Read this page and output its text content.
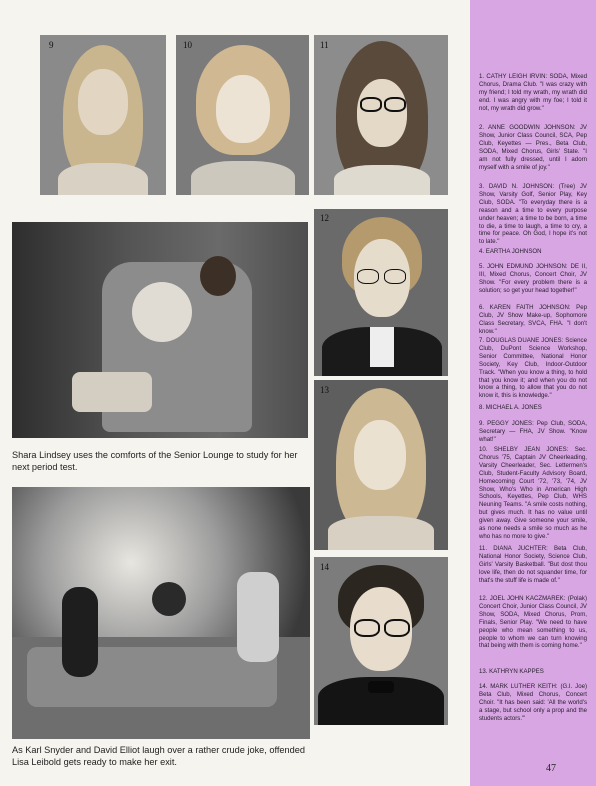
9	10	11

Shara Lindsey uses the comforts of the Senior Lounge to study for her next period test.

As Karl Snyder and David Elliot laugh over a rather crude joke, offended Lisa Leibold gets ready to make her exit.

12
13
14

1. CATHY LEIGH IRVIN: SODA, Mixed Chorus, Drama Club. "I was crazy with my friend; I told my wrath, my wrath did end. I was angry with my foe; I told it not, my wrath did grow."

2. ANNE GOODWIN JOHNSON: JV Show, Junior Class Council, SCA, Pep Club, Keyettes — Pres., Beta Club, SODA, Mixed Chorus, Girls' State. "I am not fully dressed, until I adorn myself with a smile of joy."

3. DAVID N. JOHNSON: (Tree) JV Show, Varsity Golf, Senior Play, Key Club, SODA. "To everyday there is a reason and a time to every purpose under heaven; a time to be born, a time to die, a time to laugh, a time to cry, a time for peace. Oh God, I hope it's not to late."

4. EARTHA JOHNSON

5. JOHN EDMUND JOHNSON: DE II, III, Mixed Chorus, Concert Choir, JV Show. "For every problem there is a solution; so get your head together!"

6. KAREN FAITH JOHNSON: Pep Club, JV Show Make-up, Sophomore Class Secretary, SVCA, FHA. "I don't know."

7. DOUGLAS DUANE JONES: Science Club, DuPont Science Workshop, Senior Committee, National Honor Society, Key Club, Indoor-Outdoor Track. "When you know a thing, to hold that you know it; and when you do not know a thing, to allow that you do not know it, this is knowledge."

8. MICHAEL A. JONES

9. PEGGY JONES: Pep Club, SODA, Secretary — FHA, JV Show. "Know what!"

10. SHELBY JEAN JONES: Sec. Chorus '75, Captain JV Cheerleading, Varsity Cheerleader, Sec. Lettermen's Club, Student-Faculty Advisory Board, Homecoming Court '72, '73, '74, JV Show, Who's Who in American High Schools, Keyettes, Pep Club, WHS Neuning Teams. "A smile costs nothing, but gives much. It has no value until given away. Give someone your smile, as none needs a smile so much as he who has no more to give."

11. DIANA JUCHTER: Beta Club, National Honor Society, Science Club, Girls' Varsity Basketball. "But dost thou love life, then do not squander time, for that's the stuff life is made of."

12. JOEL JOHN KACZMAREK: (Polak) Concert Choir, Junior Class Council, JV Show, SODA, Mixed Chorus, Prom, Finals, Senior Play. "We need to have people who mean something to us, people to whom we can turn knowing that being with them is coming home."

13. KATHRYN KAPPES

14. MARK LUTHER KEITH: (G.I. Joe) Beta Club, Mixed Chorus, Concert Choir. "It has been said: 'All the world's a stage, but school only a prop and the students actors.'"

47
